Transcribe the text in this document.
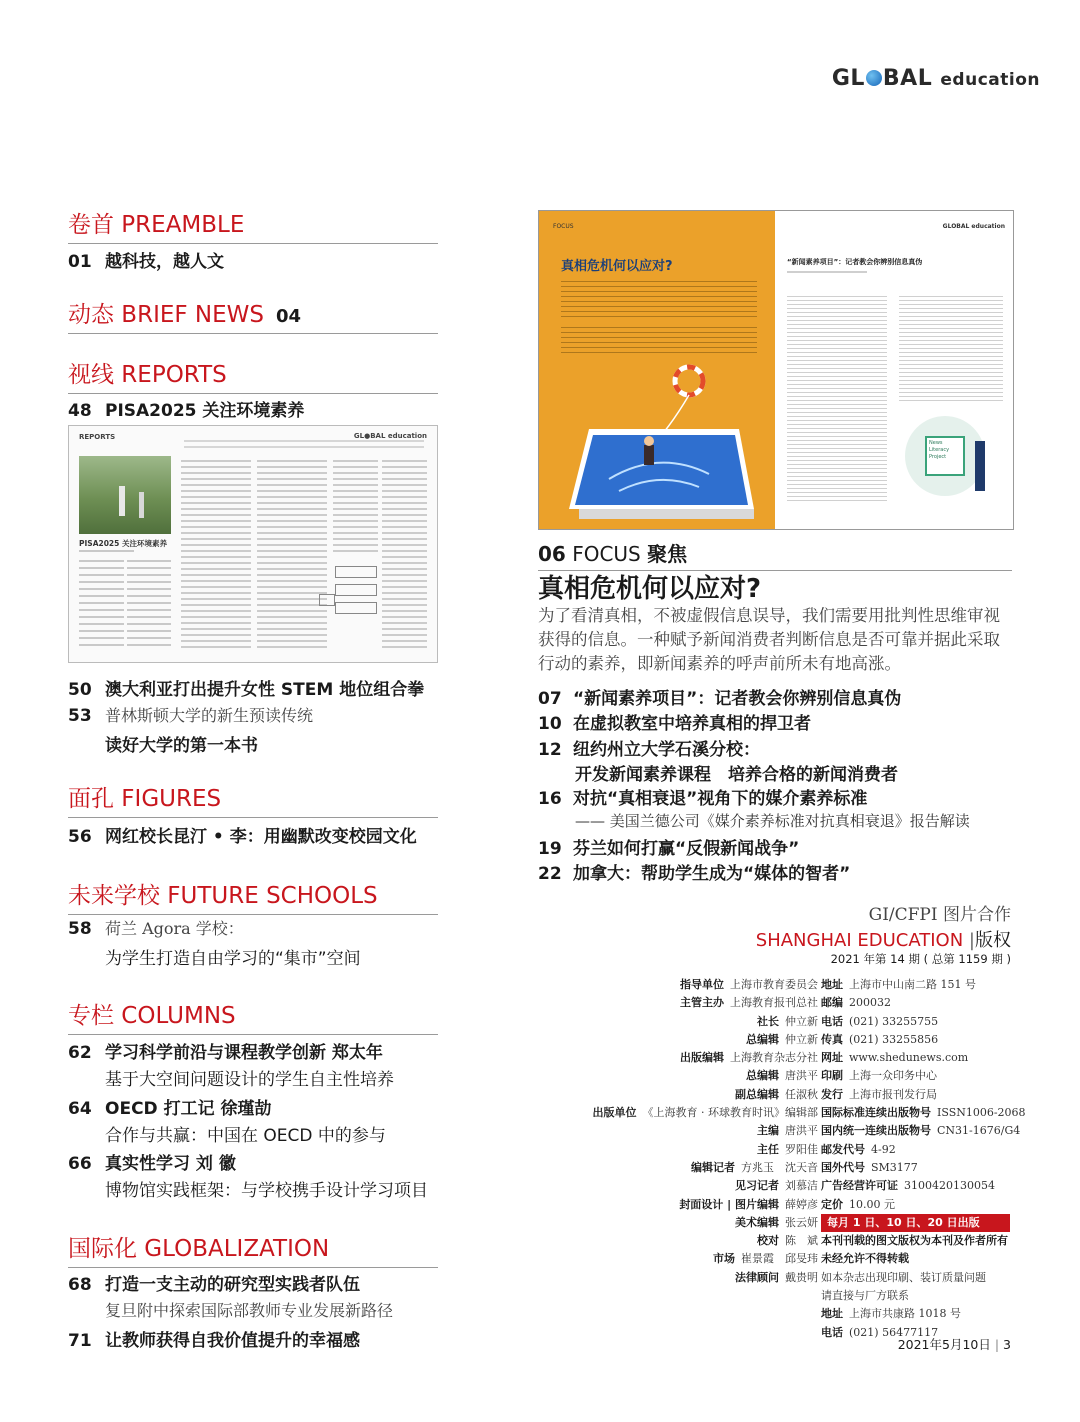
GL BAL education
卷首 PREAMBLE
01 越科技，越人文
动态 BRIEF NEWS 04
视线 REPORTS
48 PISA2025 关注环境素养
REPORTS	GL●BAL education
PISA2025 关注环境素养
50 澳大利亚打出提升女性 STEM 地位组合拳
53 普林斯顿大学的新生预读传统
读好大学的第一本书
面孔 FIGURES
56 网红校长昆汀 • 李：用幽默改变校园文化
未来学校 FUTURE SCHOOLS
58 荷兰 Agora 学校：
为学生打造自由学习的“集市”空间
专栏 COLUMNS
62 学习科学前沿与课程教学创新 郑太年
基于大空间问题设计的学生自主性培养
64 OECD 打工记 徐瑾劼
合作与共赢：中国在 OECD 中的参与
66 真实性学习 刘 徽
博物馆实践框架：与学校携手设计学习项目
国际化 GLOBALIZATION
68 打造一支主动的研究型实践者队伍
复旦附中探索国际部教师专业发展新路径
71 让教师获得自我价值提升的幸福感
FOCUS
真相危机何以应对?
GLOBAL education
“新闻素养项目”：记者教会你辨别信息真伪
News Literacy Project
06 FOCUS 聚焦
真相危机何以应对?
为了看清真相，不被虚假信息误导，我们需要用批判性思维审视获得的信息。一种赋予新闻消费者判断信息是否可靠并据此采取行动的素养，即新闻素养的呼声前所未有地高涨。
07 “新闻素养项目”：记者教会你辨别信息真伪
10 在虚拟教室中培养真相的捍卫者
12 纽约州立大学石溪分校：
开发新闻素养课程　培养合格的新闻消费者
16 对抗“真相衰退”视角下的媒介素养标准
—— 美国兰德公司《媒介素养标准对抗真相衰退》报告解读
19 芬兰如何打赢“反假新闻战争”
22 加拿大：帮助学生成为“媒体的智者”
GI/CFPI 图片合作
SHANGHAI EDUCATION |版权
2021 年第 14 期 ( 总第 1159 期 )
指导单位 上海市教育委员会
主管主办 上海教育报刊总社
社长 仲立新
总编辑 仲立新
出版编辑 上海教育杂志分社
总编辑 唐洪平
副总编辑 任淑秋
出版单位 《上海教育 · 环球教育时讯》编辑部
主编 唐洪平
主任 罗阳佳
编辑记者 方兆玉　沈天音
见习记者 刘慕洁
封面设计 | 图片编辑 薛婷彦
美术编辑 张云妍
校对 陈　斌
市场 崔景霞　邱旻玮
法律顾问 戴贵明
地址 上海市中山南二路 151 号
邮编 200032
电话 (021) 33255755
传真 (021) 33255856
网址 www.shedunews.com
印刷 上海一众印务中心
发行 上海市报刊发行局
国际标准连续出版物号 ISSN1006-2068
国内统一连续出版物号 CN31-1676/G4
邮发代号 4-92
国外代号 SM3177
广告经营许可证 3100420130054
定价 10.00 元
每月 1 日、10 日、20 日出版
本刊刊载的图文版权为本刊及作者所有
未经允许不得转载
如本杂志出现印刷、装订质量问题
请直接与厂方联系
地址 上海市共康路 1018 号
电话 (021) 56477117
2021年5月10日 | 3
